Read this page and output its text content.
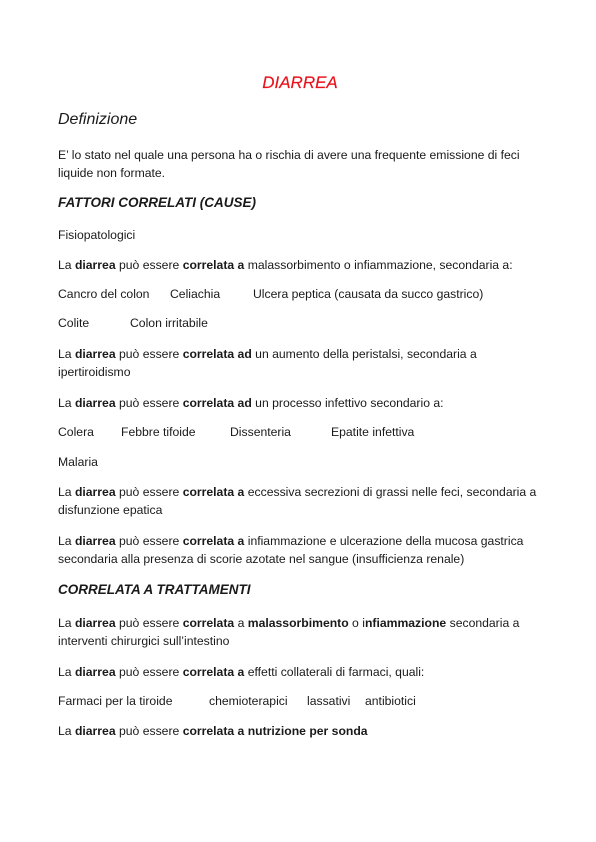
DIARREA
Definizione
E’ lo stato nel quale una persona ha o rischia di avere una frequente emissione di feci liquide non formate.
FATTORI CORRELATI (CAUSE)
Fisiopatologici
La diarrea può essere correlata a malassorbimento o infiammazione, secondaria a:
Cancro del colon Celiachia	Ulcera peptica (causata da succo gastrico)
Colite	Colon irritabile
La diarrea può essere correlata ad un aumento della peristalsi, secondaria a ipertiroidismo
La diarrea può essere correlata ad un processo infettivo secondario a:
Colera Febbre tifoide	Dissenteria	Epatite infettiva
Malaria
La diarrea può essere correlata a eccessiva secrezioni di grassi nelle feci, secondaria a disfunzione epatica
La diarrea può essere correlata a infiammazione e ulcerazione della mucosa gastrica secondaria alla presenza di scorie azotate nel sangue (insufficienza renale)
CORRELATA A TRATTAMENTI
La diarrea può essere correlata a malassorbimento o infiammazione secondaria a interventi chirurgici sull’intestino
La diarrea può essere correlata a effetti collaterali di farmaci, quali:
Farmaci per la tiroide	chemioterapici lassativi antibiotici
La diarrea può essere correlata a nutrizione per sonda
